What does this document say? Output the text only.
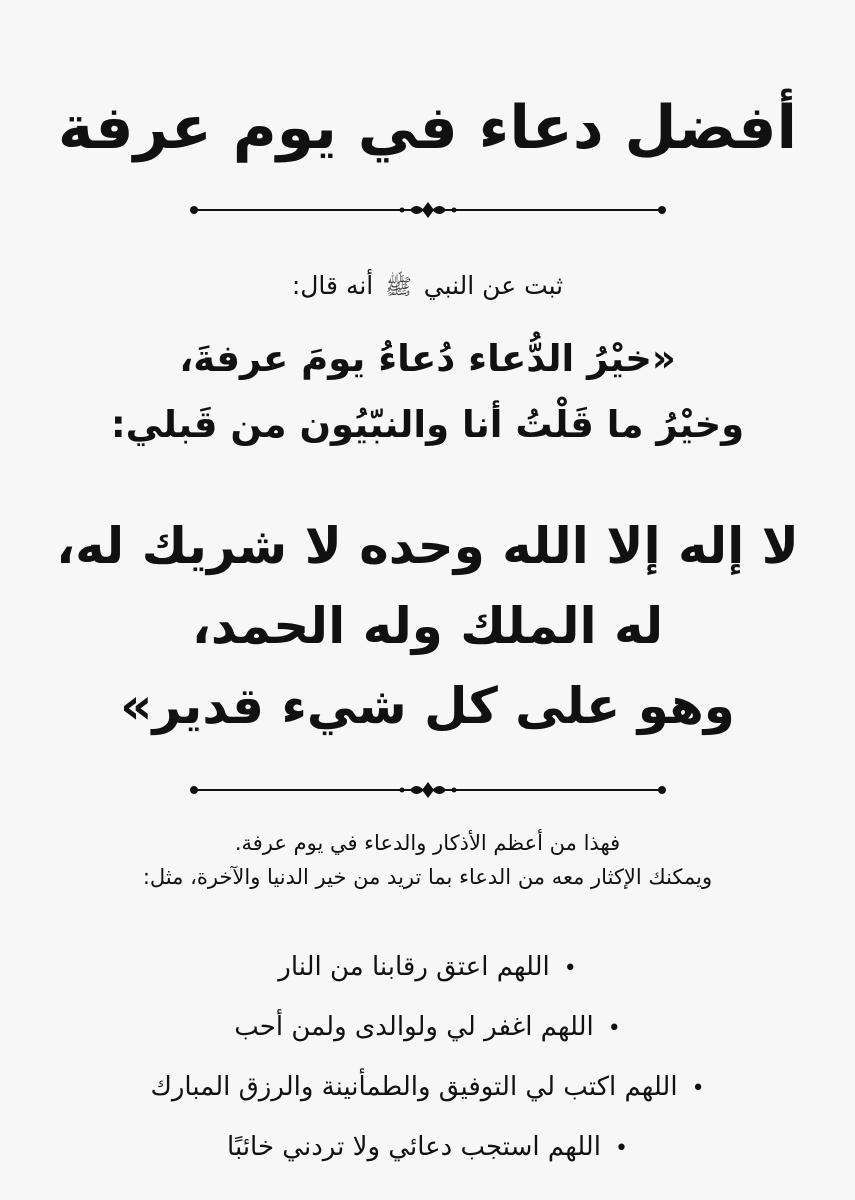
أفضل دعاء في يوم عرفة
ثبت عن النبي ﷺ أنه قال:
«خيْرُ الدُّعاء دُعاءُ يومَ عرفةَ،
وخيْرُ ما قَلْتُ أنا والنبّيُون من قَبلي:
لا إله إلا الله وحده لا شريك له،
له الملك وله الحمد،
وهو على كل شيء قدير»
فهذا من أعظم الأذكار والدعاء في يوم عرفة.
ويمكنك الإكثار معه من الدعاء بما تريد من خير الدنيا والآخرة، مثل:
•اللهم اعتق رقابنا من النار
•اللهم اغفر لي ولوالدى ولمن أحب
•اللهم اكتب لي التوفيق والطمأنينة والرزق المبارك
•اللهم استجب دعائي ولا تردني خائبًا
